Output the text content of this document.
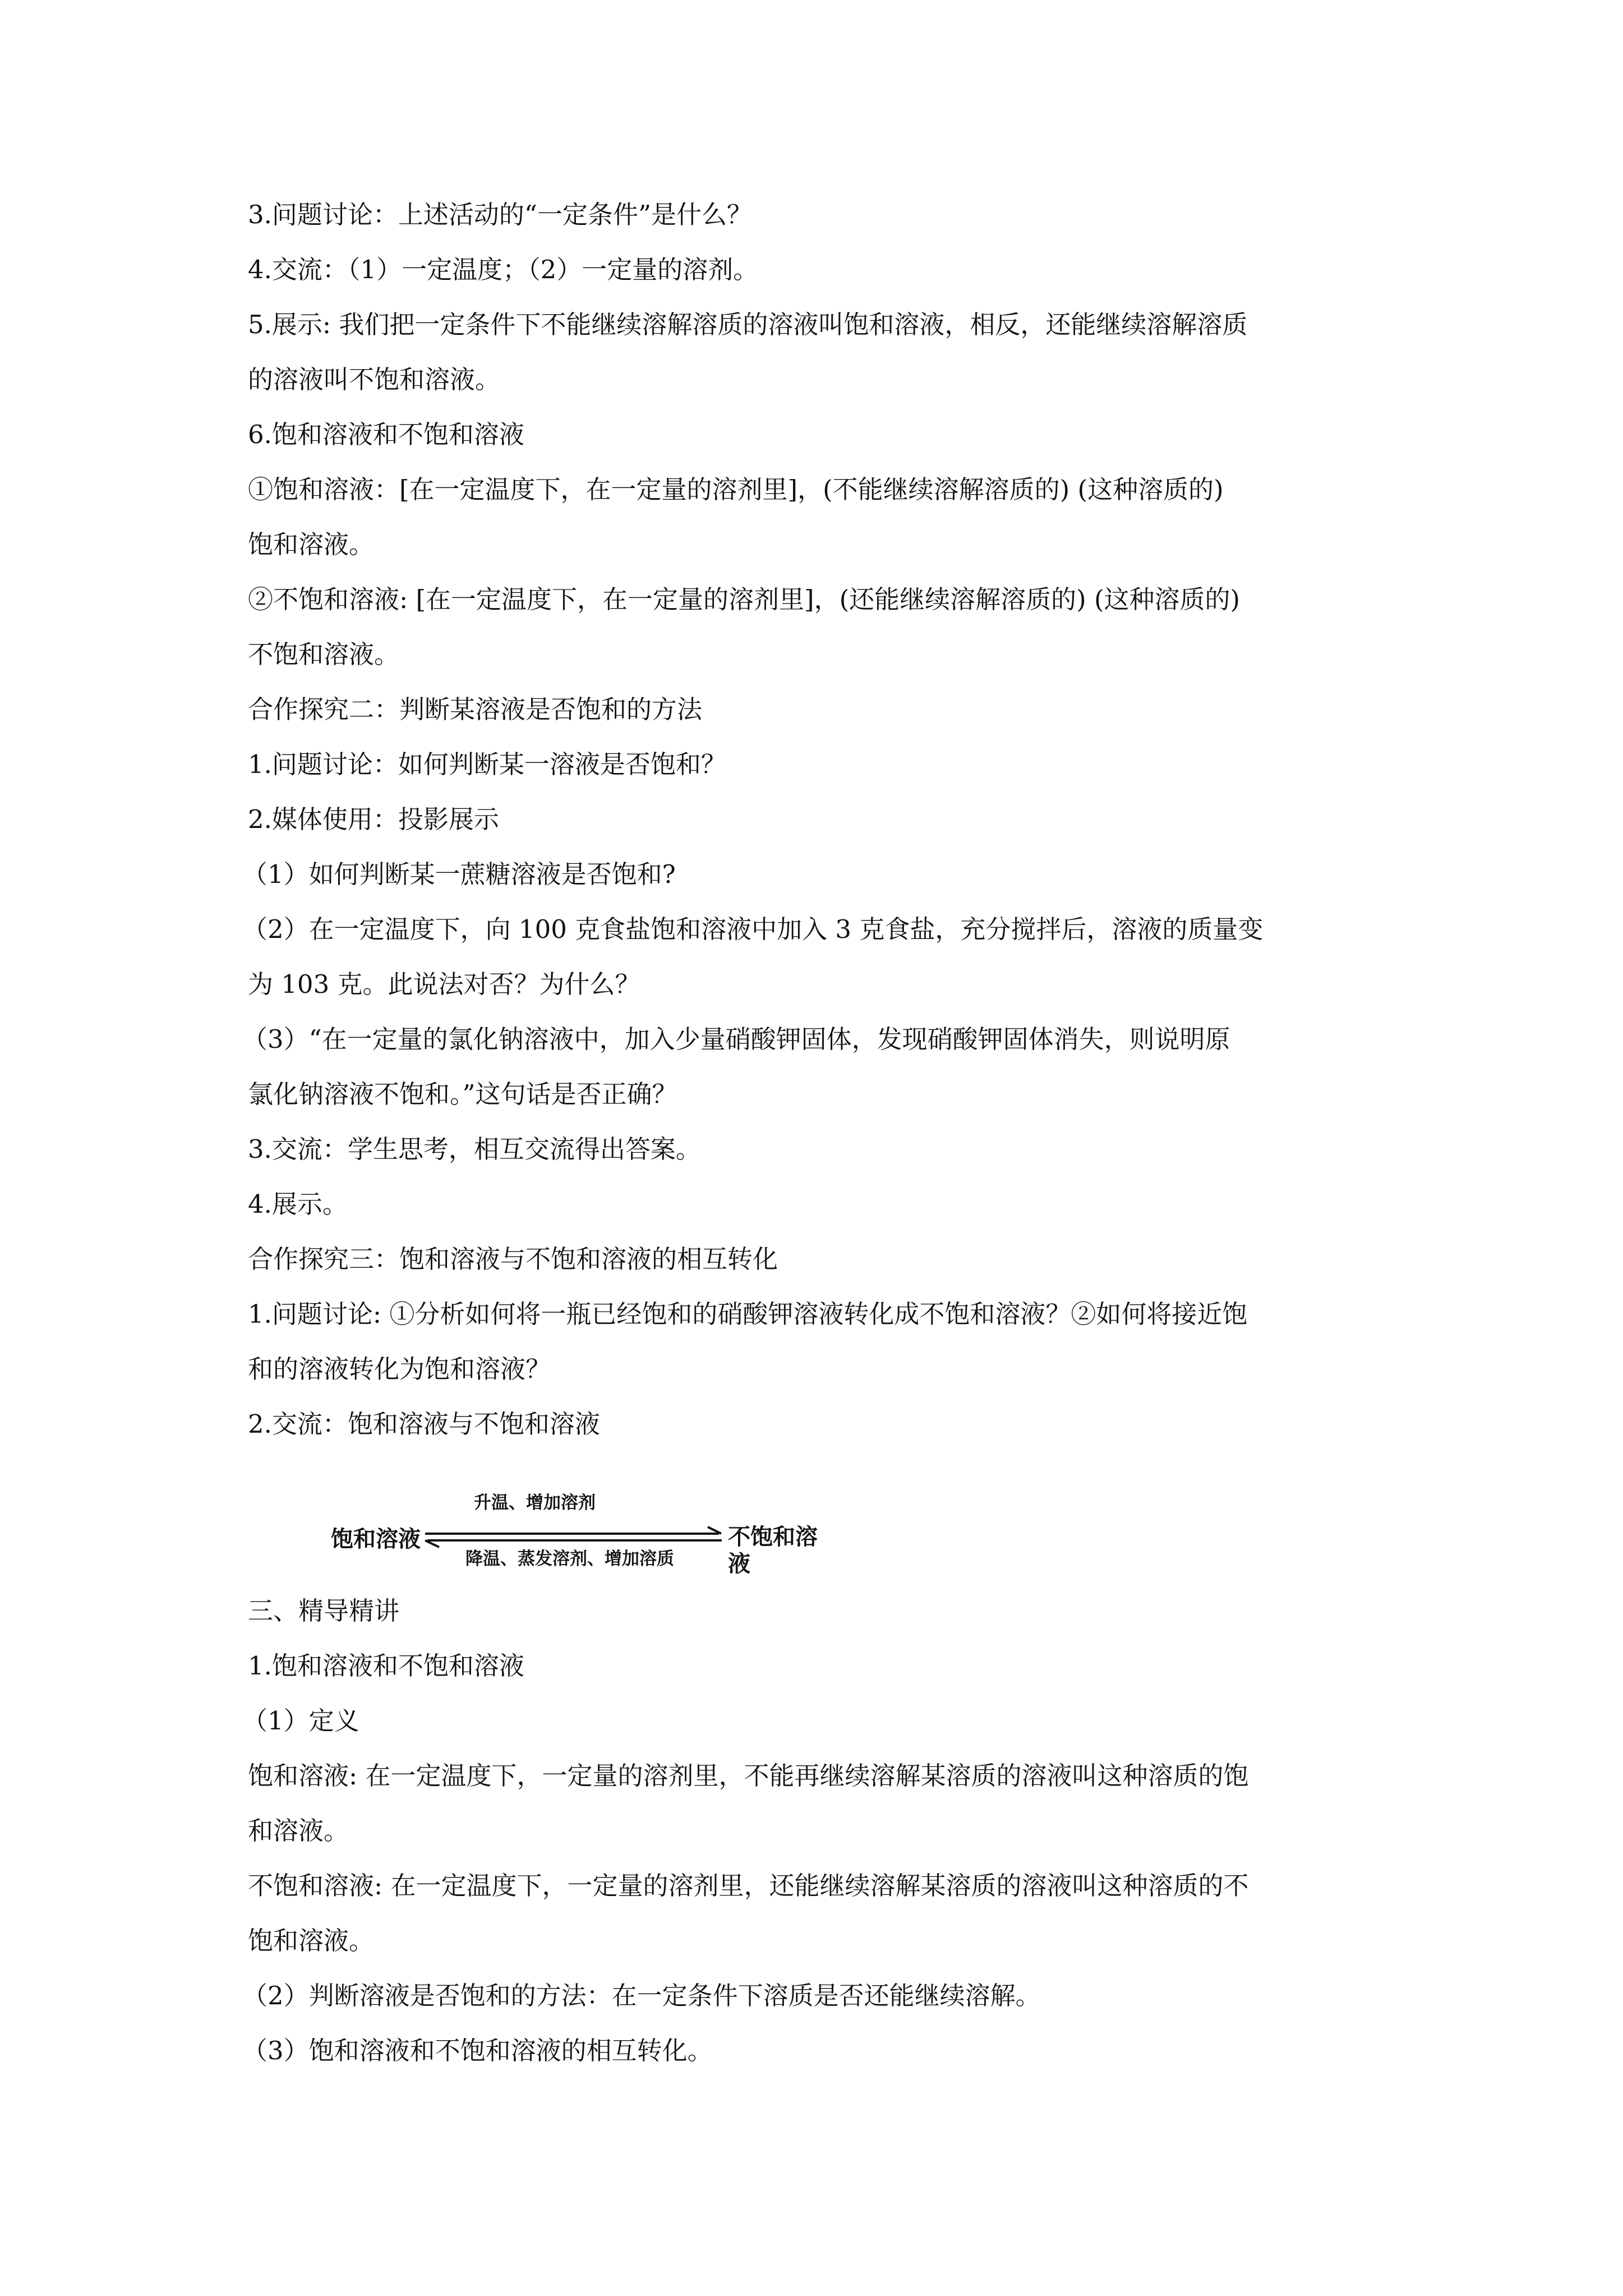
3.问题讨论：上述活动的“一定条件”是什么？
4.交流：（1）一定温度；（2）一定量的溶剂。
5.展示: 我们把一定条件下不能继续溶解溶质的溶液叫饱和溶液，相反，还能继续溶解溶质
的溶液叫不饱和溶液。
6.饱和溶液和不饱和溶液
①饱和溶液：[在一定温度下，在一定量的溶剂里]，(不能继续溶解溶质的) (这种溶质的)
饱和溶液。
②不饱和溶液: [在一定温度下，在一定量的溶剂里]，(还能继续溶解溶质的) (这种溶质的)
不饱和溶液。
合作探究二：判断某溶液是否饱和的方法
1.问题讨论：如何判断某一溶液是否饱和？
2.媒体使用：投影展示
（1）如何判断某一蔗糖溶液是否饱和?
（2）在一定温度下，向 100 克食盐饱和溶液中加入 3 克食盐，充分搅拌后，溶液的质量变
为 103 克。此说法对否？为什么？
（3）“在一定量的氯化钠溶液中，加入少量硝酸钾固体，发现硝酸钾固体消失，则说明原
氯化钠溶液不饱和。”这句话是否正确？
3.交流：学生思考，相互交流得出答案。
4.展示。
合作探究三：饱和溶液与不饱和溶液的相互转化
1.问题讨论: ①分析如何将一瓶已经饱和的硝酸钾溶液转化成不饱和溶液？②如何将接近饱
和的溶液转化为饱和溶液？
2.交流：饱和溶液与不饱和溶液
升温、增加溶剂
饱和溶液	不饱和溶液
降温、蒸发溶剂、增加溶质
三、精导精讲
1.饱和溶液和不饱和溶液
（1）定义
饱和溶液: 在一定温度下，一定量的溶剂里，不能再继续溶解某溶质的溶液叫这种溶质的饱
和溶液。
不饱和溶液: 在一定温度下，一定量的溶剂里，还能继续溶解某溶质的溶液叫这种溶质的不
饱和溶液。
（2）判断溶液是否饱和的方法：在一定条件下溶质是否还能继续溶解。
（3）饱和溶液和不饱和溶液的相互转化。
